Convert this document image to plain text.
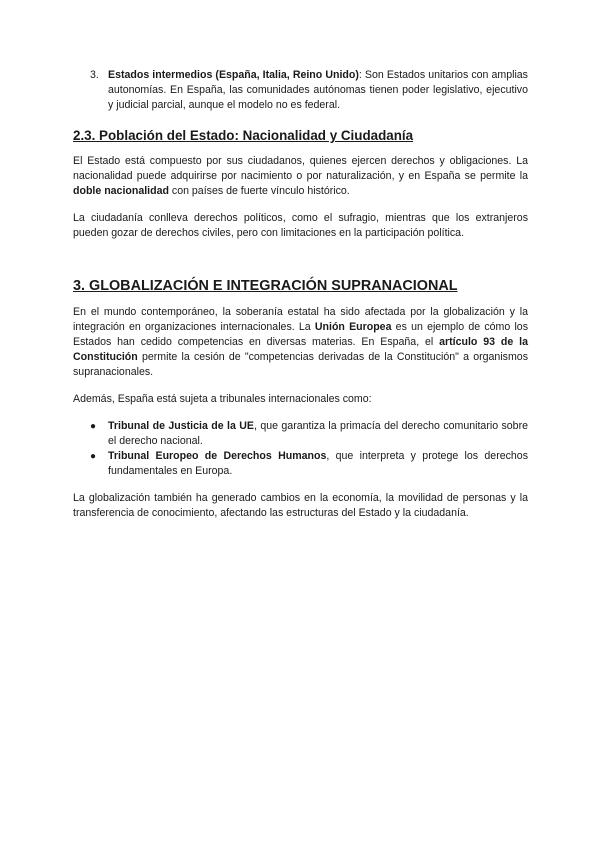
3. Estados intermedios (España, Italia, Reino Unido): Son Estados unitarios con amplias autonomías. En España, las comunidades autónomas tienen poder legislativo, ejecutivo y judicial parcial, aunque el modelo no es federal.
2.3. Población del Estado: Nacionalidad y Ciudadanía

El Estado está compuesto por sus ciudadanos, quienes ejercen derechos y obligaciones. La nacionalidad puede adquirirse por nacimiento o por naturalización, y en España se permite la doble nacionalidad con países de fuerte vínculo histórico.

La ciudadanía conlleva derechos políticos, como el sufragio, mientras que los extranjeros pueden gozar de derechos civiles, pero con limitaciones en la participación política.

3. GLOBALIZACIÓN E INTEGRACIÓN SUPRANACIONAL

En el mundo contemporáneo, la soberanía estatal ha sido afectada por la globalización y la integración en organizaciones internacionales. La Unión Europea es un ejemplo de cómo los Estados han cedido competencias en diversas materias. En España, el artículo 93 de la Constitución permite la cesión de "competencias derivadas de la Constitución" a organismos supranacionales.

Además, España está sujeta a tribunales internacionales como:

● Tribunal de Justicia de la UE, que garantiza la primacía del derecho comunitario sobre el derecho nacional.
● Tribunal Europeo de Derechos Humanos, que interpreta y protege los derechos fundamentales en Europa.

La globalización también ha generado cambios en la economía, la movilidad de personas y la transferencia de conocimiento, afectando las estructuras del Estado y la ciudadanía.
